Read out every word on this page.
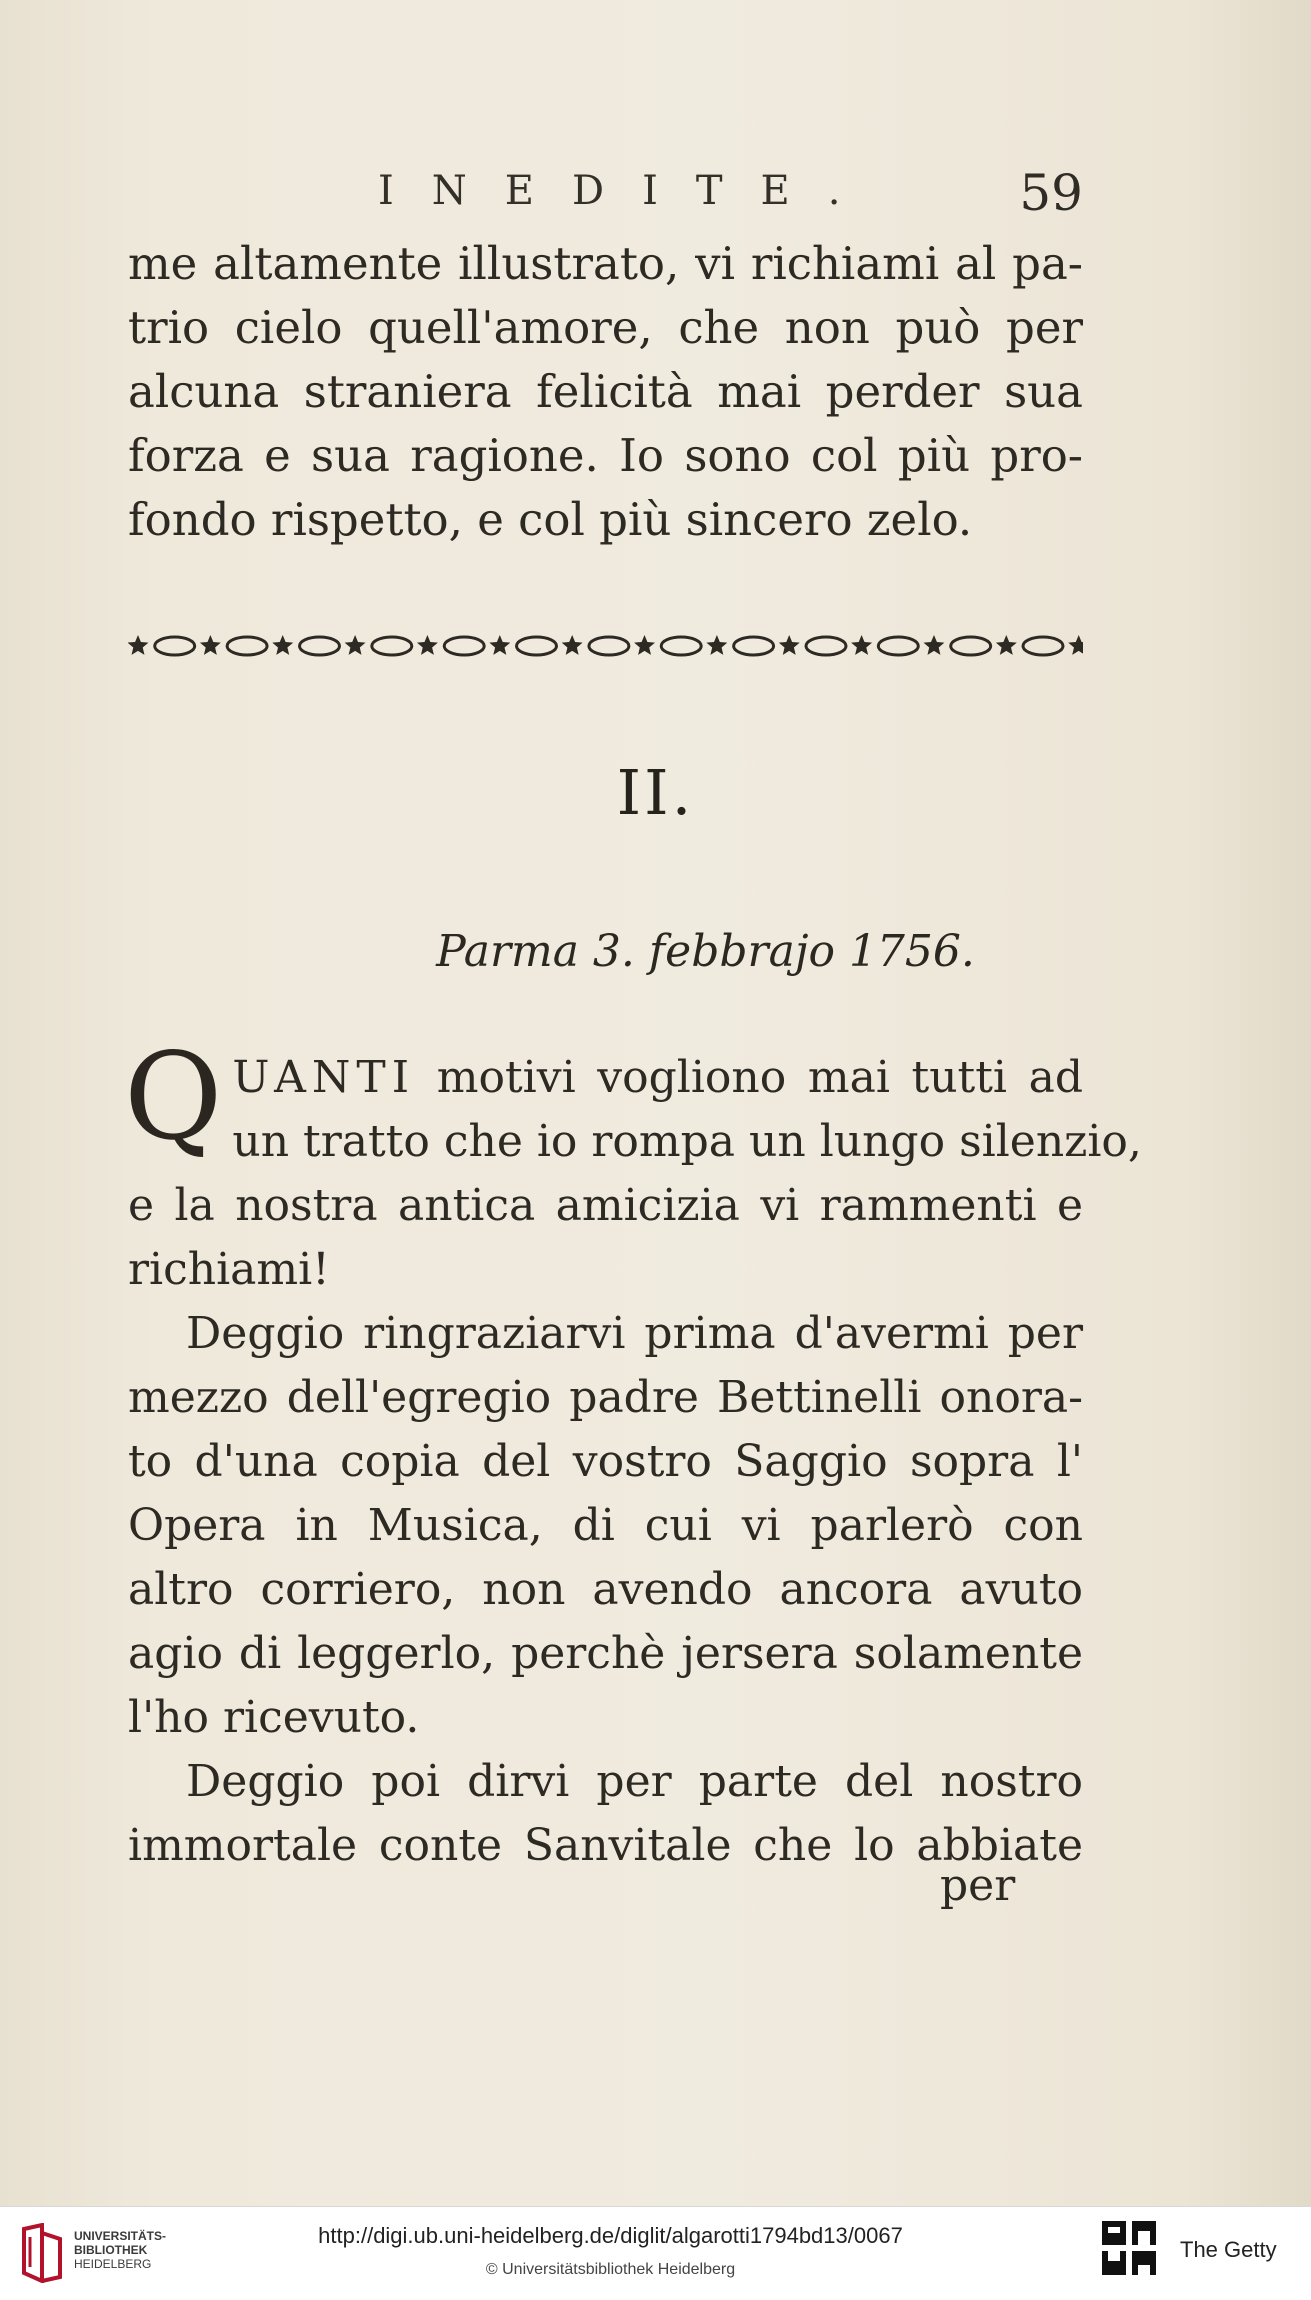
INEDITE.	59
me altamente illustrato, vi richiami al pa-
trio cielo quell'amore, che non può per
alcuna straniera felicità mai perder sua
forza e sua ragione. Io sono col più pro-
fondo rispetto, e col più sincero zelo.
II.
Parma 3. febbrajo 1756.
Q UANTI motivi vogliono mai tutti ad
un tratto che io rompa un lungo silenzio,
e la nostra antica amicizia vi rammenti e
richiami!
Deggio ringraziarvi prima d'avermi per
mezzo dell'egregio padre Bettinelli onora-
to d'una copia del vostro Saggio sopra l'
Opera in Musica, di cui vi parlerò con
altro corriero, non avendo ancora avuto
agio di leggerlo, perchè jersera solamente
l'ho ricevuto.
Deggio poi dirvi per parte del nostro
immortale conte Sanvitale che lo abbiate
per
UNIVERSITÄTS-
BIBLIOTHEK
HEIDELBERG
http://digi.ub.uni-heidelberg.de/diglit/algarotti1794bd13/0067
© Universitätsbibliothek Heidelberg
The Getty
